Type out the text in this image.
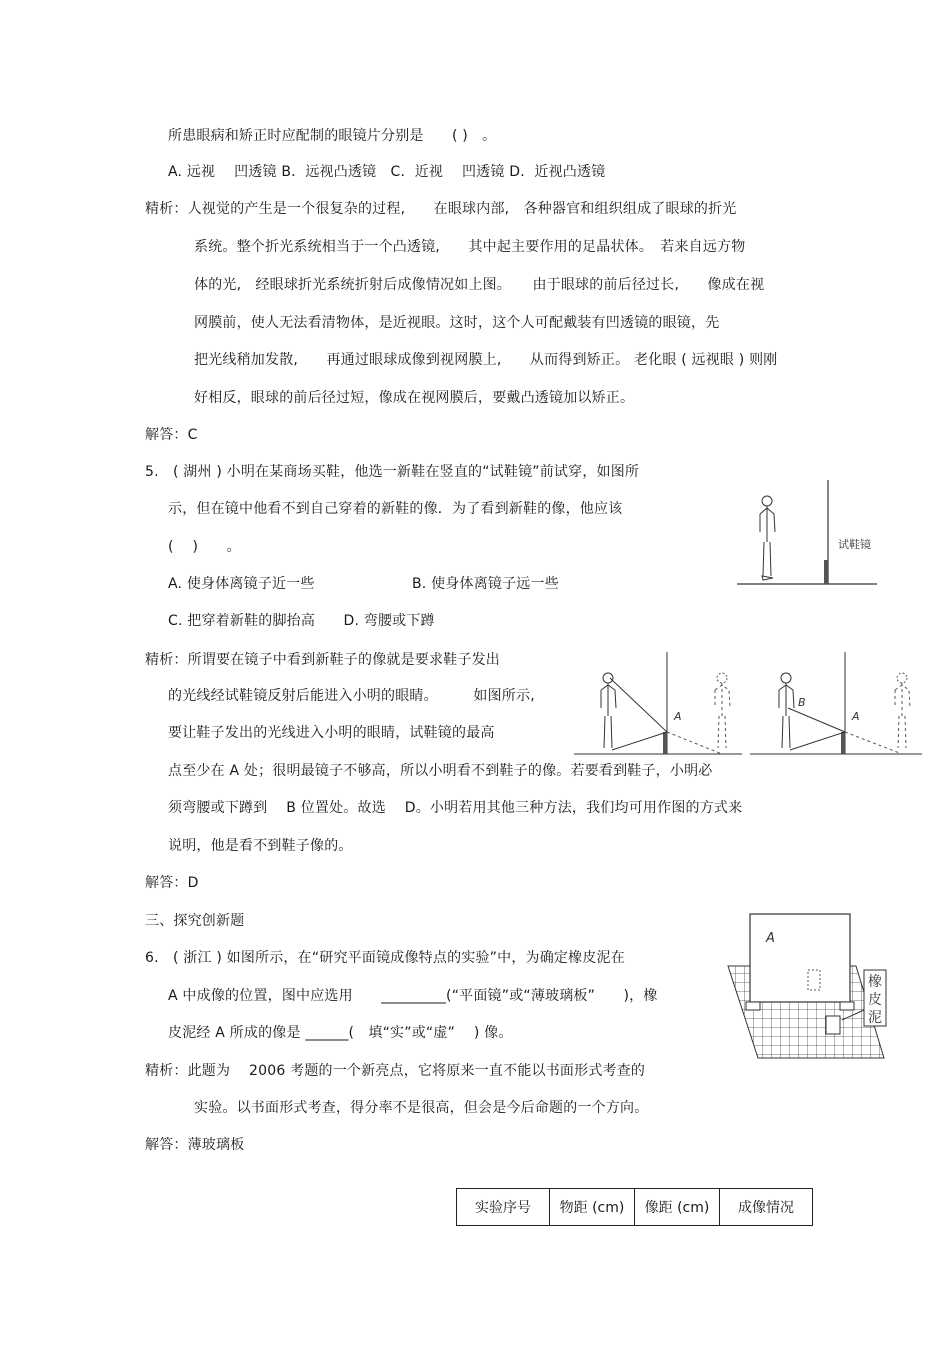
所患眼病和矫正时应配制的眼镜片分别是　　( )　。
A. 远视　 凹透镜 B．远视凸透镜　C．近视　 凹透镜 D．近视凸透镜
精析：人视觉的产生是一个很复杂的过程,　　在眼球内部,　各种器官和组织组成了眼球的折光
系统。整个折光系统相当于一个凸透镜,　　其中起主要作用的足晶状体。　若来自远方物
体的光,　经眼球折光系统折射后成像情况如上图。　　由于眼球的前后径过长,　　像成在视
网膜前，使人无法看清物体，是近视眼。这时，这个人可配戴装有凹透镜的眼镜，先
把光线稍加发散,　　再通过眼球成像到视网膜上,　　从而得到矫正。 老化眼 ( 远视眼 ) 则刚
好相反，眼球的前后径过短，像成在视网膜后，要戴凸透镜加以矫正。
解答：C
5.　( 湖州 ) 小明在某商场买鞋，他选一新鞋在竖直的“试鞋镜”前试穿，如图所
示，但在镜中他看不到自己穿着的新鞋的像．为了看到新鞋的像，他应该
(　 )　　。
A. 使身体离镜子近一些	B. 使身体离镜子远一些
C. 把穿着新鞋的脚抬高　　D. 弯腰或下蹲
试鞋镜
精析：所谓要在镜子中看到新鞋子的像就是要求鞋子发出
的光线经试鞋镜反射后能进入小明的眼睛。　　　如图所示,
要让鞋子发出的光线进入小明的眼睛，试鞋镜的最高
点至少在 A 处；很明最镜子不够高，所以小明看不到鞋子的像。若要看到鞋子，小明必
须弯腰或下蹲到　 B 位置处。故选　 D。小明若用其他三种方法，我们均可用作图的方式来
说明，他是看不到鞋子像的。
解答：D
A
B
A
三、探究创新题
6.　( 浙江 ) 如图所示，在“研究平面镜成像特点的实验”中，为确定橡皮泥在
A 中成像的位置，图中应选用　　_________(“平面镜”或“薄玻璃板”　　)，橡
皮泥经 A 所成的像是 ______(　填“实”或“虚”　 ) 像。
A
橡
皮
泥
精析：此题为　 2006 考题的一个新亮点，它将原来一直不能以书面形式考查的
实验。以书面形式考查，得分率不是很高，但会是今后命题的一个方向。
解答：薄玻璃板
实验序号	物距 (cm)	像距 (cm)	成像情况
